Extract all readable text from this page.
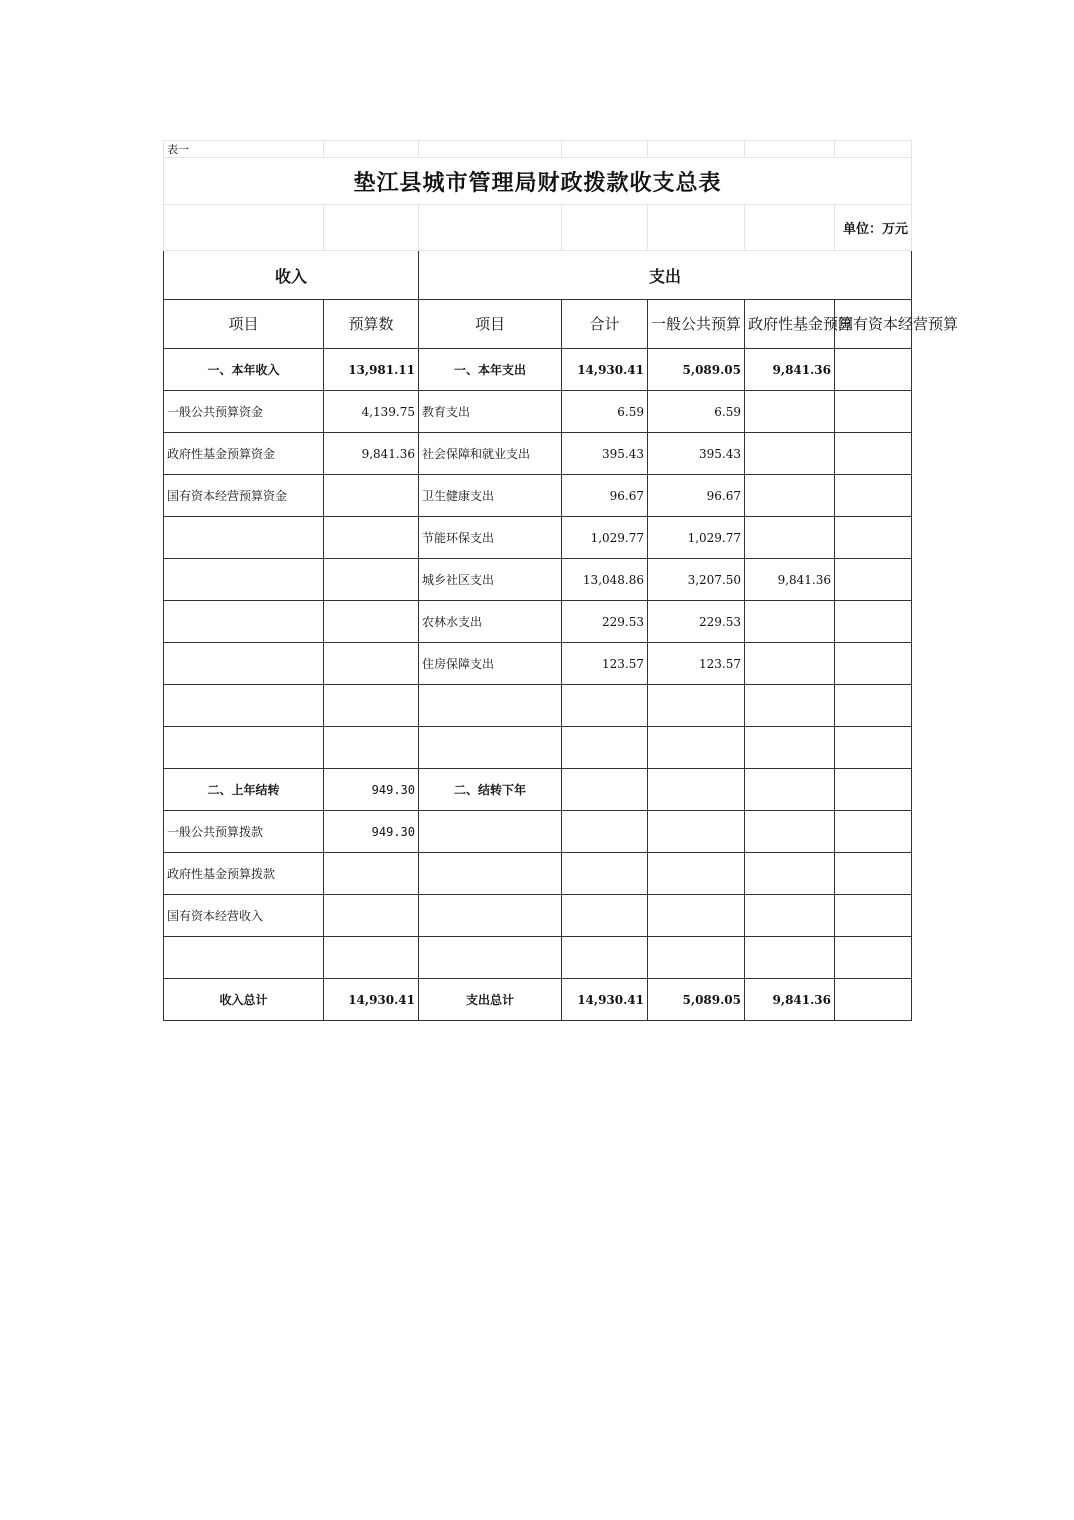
表一						
垫江县城市管理局财政拨款收支总表						
						单位：万元
收入		支出				
项目	预算数	项目	合计	一般公共预算	政府性基金预算	国有资本经营预算
一、本年收入	13,981.11	一、本年支出	14,930.41	5,089.05	9,841.36	
一般公共预算资金	4,139.75	教育支出	6.59	6.59		
政府性基金预算资金	9,841.36	社会保障和就业支出	395.43	395.43		
国有资本经营预算资金		卫生健康支出	96.67	96.67		
		节能环保支出	1,029.77	1,029.77		
		城乡社区支出	13,048.86	3,207.50	9,841.36	
		农林水支出	229.53	229.53		
		住房保障支出	123.57	123.57		

二、上年结转	949.30	二、结转下年				
一般公共预算拨款	949.30					
政府性基金预算拨款						
国有资本经营收入						

收入总计	14,930.41	支出总计	14,930.41	5,089.05	9,841.36	
